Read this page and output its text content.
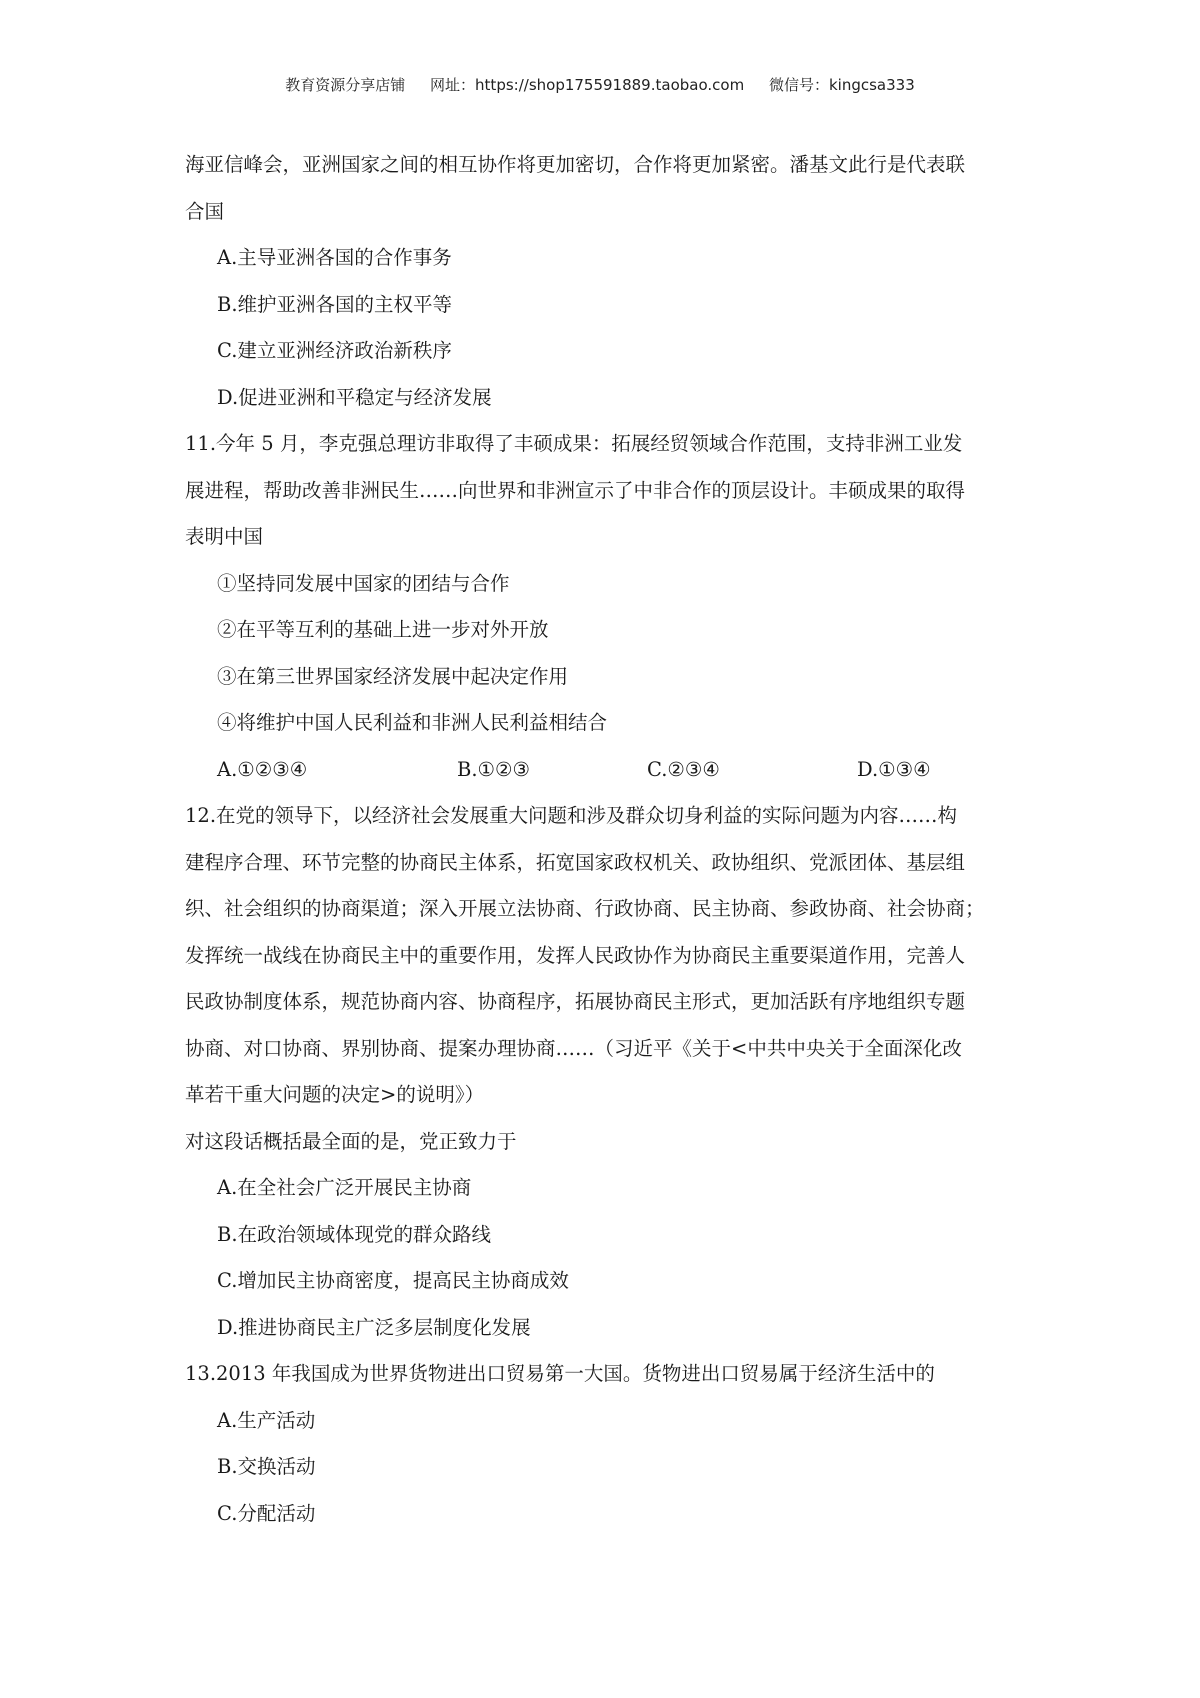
教育资源分享店铺 网址：https://shop175591889.taobao.com 微信号：kingcsa333
海亚信峰会，亚洲国家之间的相互协作将更加密切，合作将更加紧密。潘基文此行是代表联
合国
A.主导亚洲各国的合作事务
B.维护亚洲各国的主权平等
C.建立亚洲经济政治新秩序
D.促进亚洲和平稳定与经济发展
11.今年 5 月，李克强总理访非取得了丰硕成果：拓展经贸领域合作范围，支持非洲工业发
展进程，帮助改善非洲民生……向世界和非洲宣示了中非合作的顶层设计。丰硕成果的取得
表明中国
①坚持同发展中国家的团结与合作
②在平等互利的基础上进一步对外开放
③在第三世界国家经济发展中起决定作用
④将维护中国人民利益和非洲人民利益相结合
A.①②③④	B.①②③	C.②③④	D.①③④
12.在党的领导下，以经济社会发展重大问题和涉及群众切身利益的实际问题为内容……构
建程序合理、环节完整的协商民主体系，拓宽国家政权机关、政协组织、党派团体、基层组
织、社会组织的协商渠道；深入开展立法协商、行政协商、民主协商、参政协商、社会协商；
发挥统一战线在协商民主中的重要作用，发挥人民政协作为协商民主重要渠道作用，完善人
民政协制度体系，规范协商内容、协商程序，拓展协商民主形式，更加活跃有序地组织专题
协商、对口协商、界别协商、提案办理协商……（习近平《关于<中共中央关于全面深化改
革若干重大问题的决定>的说明》）
对这段话概括最全面的是，党正致力于
A.在全社会广泛开展民主协商
B.在政治领域体现党的群众路线
C.增加民主协商密度，提高民主协商成效
D.推进协商民主广泛多层制度化发展
13.2013 年我国成为世界货物进出口贸易第一大国。货物进出口贸易属于经济生活中的
A.生产活动
B.交换活动
C.分配活动
